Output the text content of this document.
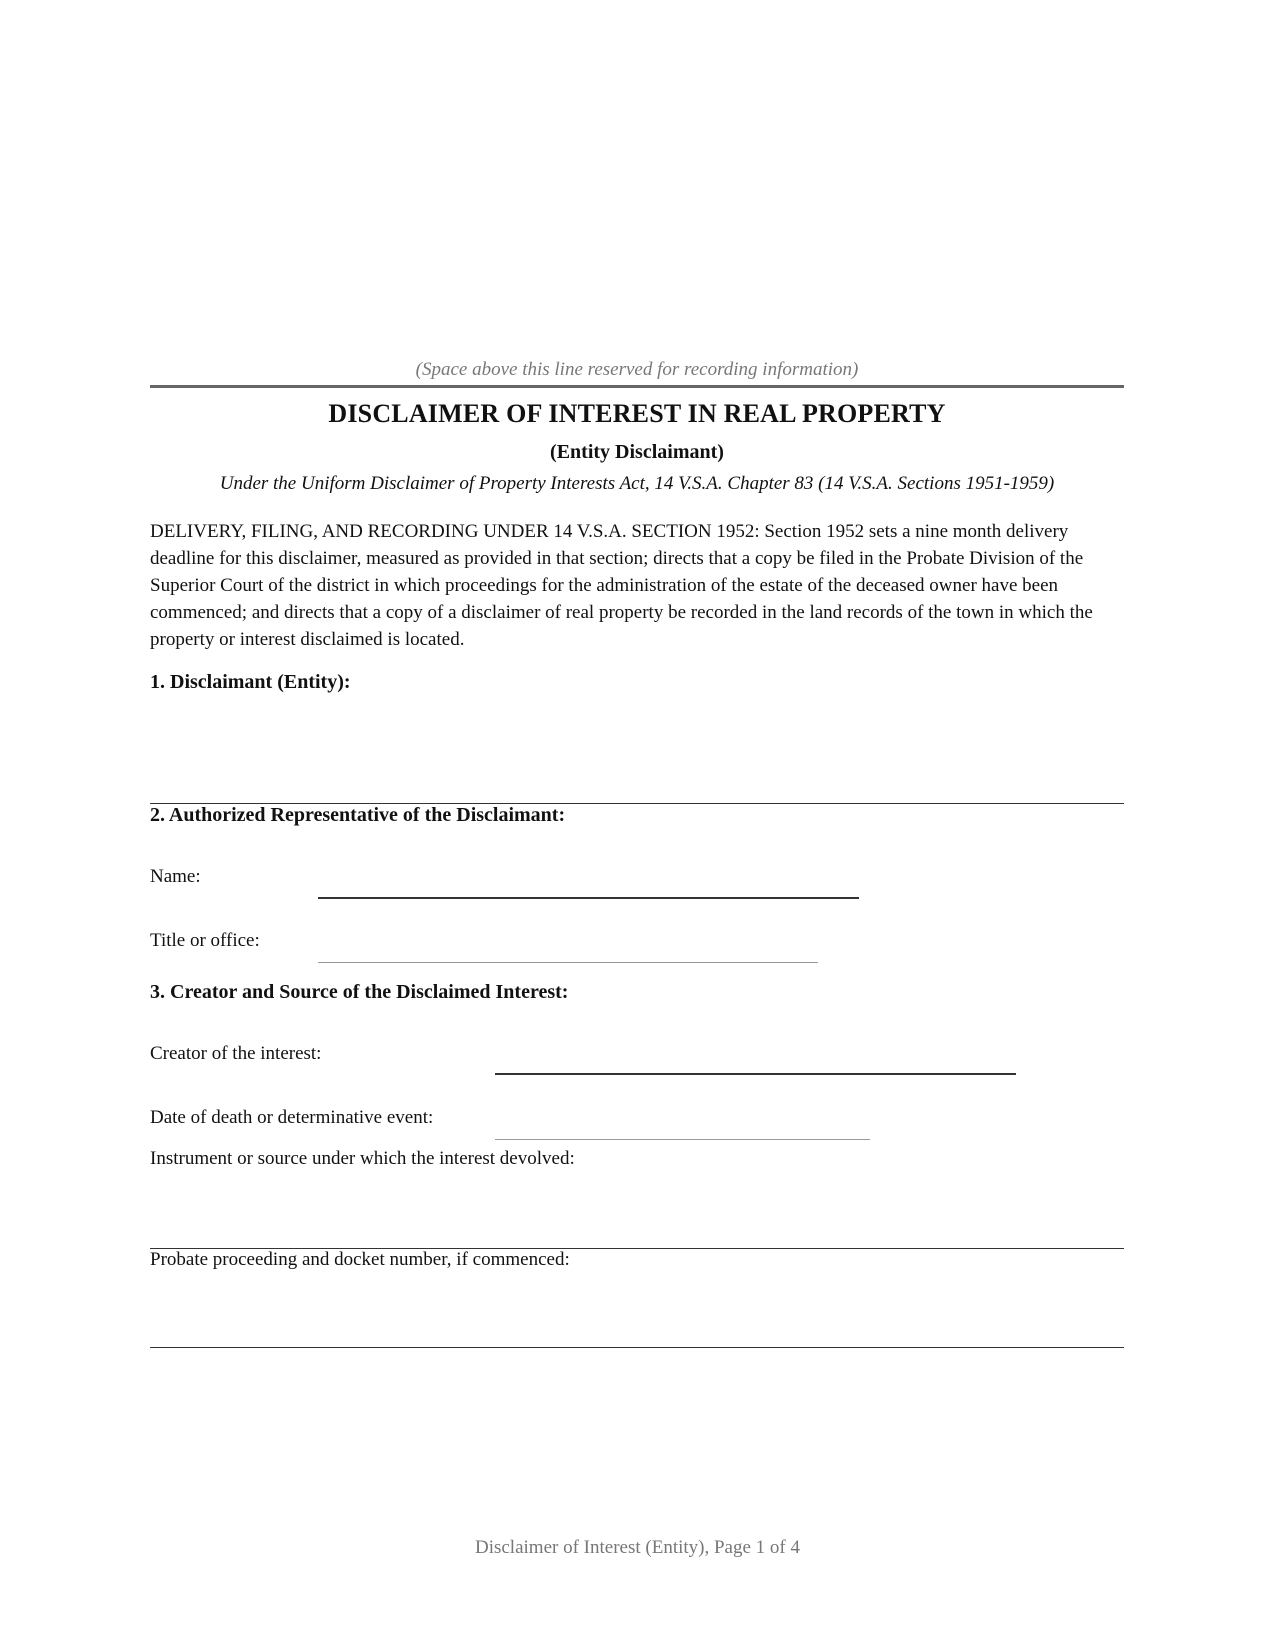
(Space above this line reserved for recording information)
DISCLAIMER OF INTEREST IN REAL PROPERTY
(Entity Disclaimant)
Under the Uniform Disclaimer of Property Interests Act, 14 V.S.A. Chapter 83 (14 V.S.A. Sections 1951-1959)
DELIVERY, FILING, AND RECORDING UNDER 14 V.S.A. SECTION 1952: Section 1952 sets a nine month delivery deadline for this disclaimer, measured as provided in that section; directs that a copy be filed in the Probate Division of the Superior Court of the district in which proceedings for the administration of the estate of the deceased owner have been commenced; and directs that a copy of a disclaimer of real property be recorded in the land records of the town in which the property or interest disclaimed is located.
1. Disclaimant (Entity):
2. Authorized Representative of the Disclaimant:
Name:
Title or office:
3. Creator and Source of the Disclaimed Interest:
Creator of the interest:
Date of death or determinative event:
Instrument or source under which the interest devolved:
Probate proceeding and docket number, if commenced:
Disclaimer of Interest (Entity), Page 1 of 4
